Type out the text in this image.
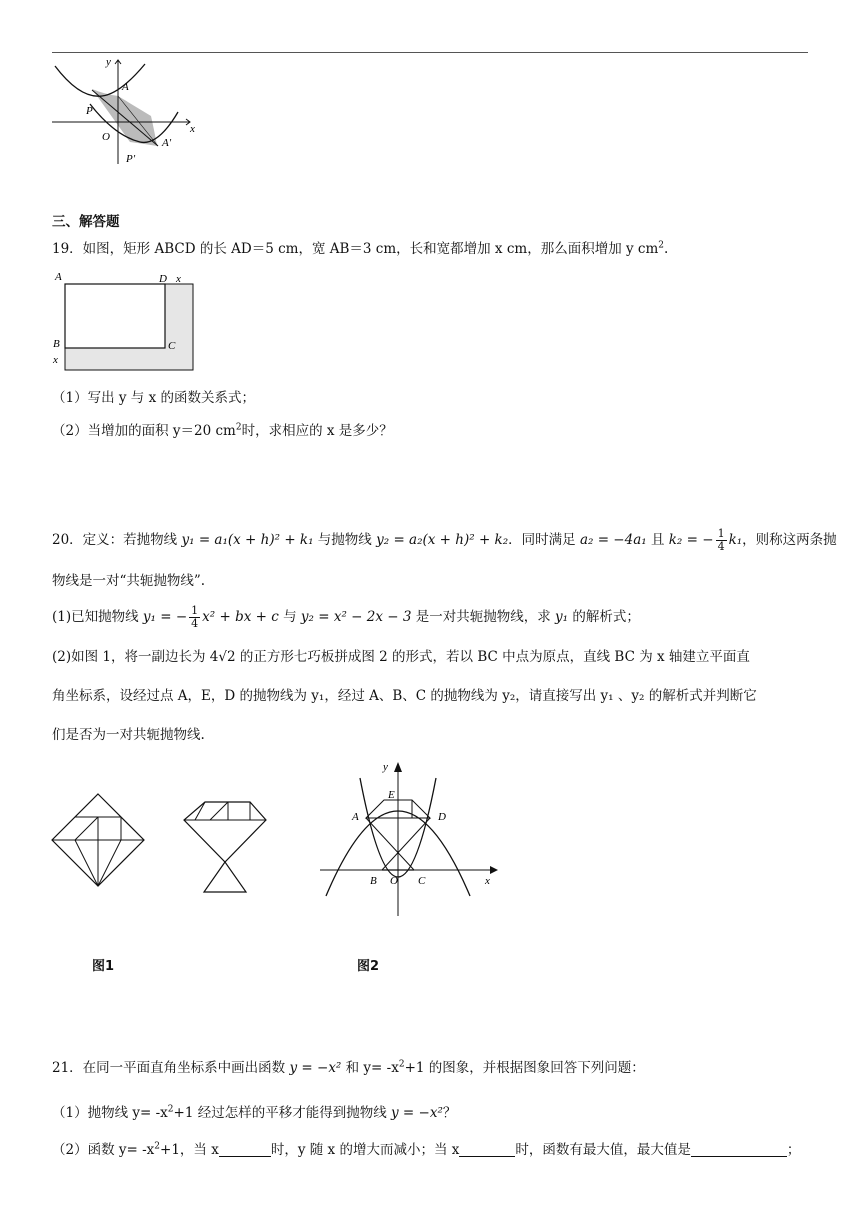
y
x
A
P
O	A′
P′
三、解答题
19．如图，矩形 ABCD 的长 AD＝5 cm，宽 AB＝3 cm，长和宽都增加 x cm，那么面积增加 y $cm^2$.
A	D x
B	C
x
（1）写出 y 与 x 的函数关系式；
（2）当增加的面积 y＝20 $cm^2$时，求相应的 x 是多少？
20．定义：若抛物线 y₁ = a₁(x + h)² + k₁ 与抛物线 y₂ = a₂(x + h)² + k₂．同时满足 a₂ = −4a₁ 且 k₂ = − $\frac{1}{4} k_1$，则称这两条抛
物线是一对“共轭抛物线”.
(1)已知抛物线 y₁ = − $\frac{1}{4} x^2$ + bx + c 与 y₂ = x² − 2x − 3 是一对共轭抛物线，求 y₁ 的解析式；
(2)如图 1，将一副边长为 4√2 的正方形七巧板拼成图 2 的形式，若以 BC 中点为原点，直线 BC 为 x 轴建立平面直
角坐标系，设经过点 A，E，D 的抛物线为 y₁，经过 A、B、C 的抛物线为 y₂，请直接写出 y₁ 、y₂ 的解析式并判断它
们是否为一对共轭抛物线.
y
x
A
E
D
B O C
图1	图2
21．在同一平面直角坐标系中画出函数 y = −x² 和 $y= -x^2+1$ 的图象，并根据图象回答下列问题：
（1）抛物线 $y= -x^2+1$ 经过怎样的平移才能得到抛物线 y = −x²？
（2）函数 $y= -x^2+1$，当 x	时，y 随 x 的增大而减小；当 x	时，函数有最大值，最大值是	；
